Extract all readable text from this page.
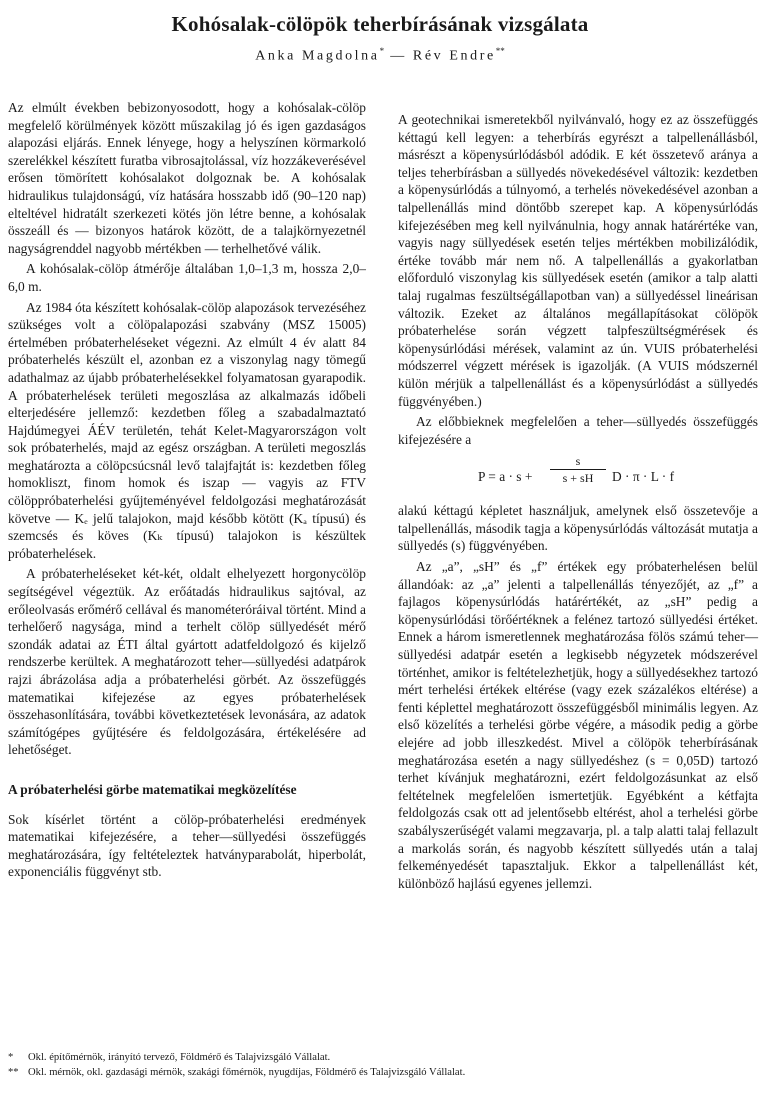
Kohósalak-cölöpök teherbírásának vizsgálata
Anka Magdolna* — Rév Endre**

Az elmúlt években bebizonyosodott, hogy a kohósalak-cölöp megfelelő körülmények között műszakilag jó és igen gazdaságos alapozási eljárás. Ennek lényege, hogy a helyszínen körmarkoló szerelékkel készített furatba vibrosajtolással, víz hozzákeverésével erősen tömörített kohósalakot dolgoznak be. A kohósalak hidraulikus tulajdonságú, víz hatására hosszabb idő (90–120 nap) elteltével hidratált szerkezeti kötés jön létre benne, a kohósalak összeáll és — bizonyos határok között, de a talajkörnyezetnél nagyságrenddel nagyobb mértékben — terhelhetővé válik.

A kohósalak-cölöp átmérője általában 1,0–1,3 m, hossza 2,0–6,0 m.

Az 1984 óta készített kohósalak-cölöp alapozások tervezéséhez szükséges volt a cölöpalapozási szabvány (MSZ 15005) értelmében próbaterheléseket végezni. Az elmúlt 4 év alatt 84 próbaterhelés készült el, azonban ez a viszonylag nagy tömegű adathalmaz az újabb próbaterhelésekkel folyamatosan gyarapodik. A próbaterhelések területi megoszlása az alkalmazás időbeli elterjedésére jellemző: kezdetben főleg a szabadalmaztató Hajdúmegyei ÁÉV területén, tehát Kelet-Magyarországon volt sok próbaterhelés, majd az egész országban. A területi megoszlás meghatározta a cölöpcsúcsnál levő talajfajtát is: kezdetben főleg homokliszt, finom homok és iszap — vagyis az FTV cölöppróbaterhelési gyűjteményével feldolgozási meghatározását követve — Kₑ jelű talajokon, majd később kötött (Kₐ típusú) és szemcsés és köves (Kₖ típusú) talajokon is készültek próbaterhelések.

A próbaterheléseket két-két, oldalt elhelyezett horgonycölöp segítségével végeztük. Az erőátadás hidraulikus sajtóval, az erőleolvasás erőmérő cellával és manométeróráival történt. Mind a terhelőerő nagysága, mind a terhelt cölöp süllyedését mérő szondák adatai az ÉTI által gyártott adatfeldolgozó és kijelző rendszerbe kerültek. A meghatározott teher—süllyedési adatpárok rajzi ábrázolása adja a próbaterhelési görbét. Az összefüggés matematikai kifejezése az egyes próbaterhelések összehasonlítására, további következtetések levonására, az adatok számítógépes gyűjtésére és feldolgozására, értékelésére ad lehetőséget.

A próbaterhelési görbe matematikai megközelítése

Sok kísérlet történt a cölöp-próbaterhelési eredmények matematikai kifejezésére, a teher—süllyedési összefüggés meghatározására, így feltételeztek hatványparabolát, hiperbolát, exponenciális függvényt stb.

A geotechnikai ismeretekből nyilvánvaló, hogy ez az összefüggés kéttagú kell legyen: a teherbírás egyrészt a talpellenállásból, másrészt a köpenysúrlódásból adódik. E két összetevő aránya a teljes teherbírásban a süllyedés növekedésével változik: kezdetben a köpenysúrlódás a túlnyomó, a terhelés növekedésével azonban a talpellenállás mind döntőbb szerepet kap. A köpenysúrlódás kifejezésében meg kell nyilvánulnia, hogy annak határértéke van, vagyis nagy süllyedések esetén teljes mértékben mobilizálódik, értéke tovább már nem nő. A talpellenállás a gyakorlatban előforduló viszonylag kis süllyedések esetén (amikor a talp alatti talaj rugalmas feszültségállapotban van) a süllyedéssel lineárisan változik. Ezeket az általános megállapításokat cölöpök próbaterhelése során végzett talpfeszültségmérések és köpenysúrlódási mérések, valamint az ún. VUIS próbaterhelési módszerrel végzett mérések is igazolják. (A VUIS módszernél külön mérjük a talpellenállást és a köpenysúrlódást a süllyedés függvényében.)

Az előbbieknek megfelelően a teher—süllyedés összefüggés kifejezésére a

P = a · s +
s
s + sH	D · π · L · f

alakú kéttagú képletet használjuk, amelynek első összetevője a talpellenállás, második tagja a köpenysúrlódás változását mutatja a süllyedés (s) függvényében.

Az „a”, „sH” és „f” értékek egy próbaterhelésen belül állandóak: az „a” jelenti a talpellenállás tényezőjét, az „f” a fajlagos köpenysúrlódás határértékét, az „sH” pedig a köpenysúrlódási törőértéknek a felénez tartozó süllyedési értéket. Ennek a három ismeretlennek meghatározása fölös számú teher—süllyedési adatpár esetén a legkisebb négyzetek módszerével történhet, amikor is feltételezhetjük, hogy a süllyedésekhez tartozó mért terhelési értékek eltérése (vagy ezek százalékos eltérése) a fenti képlettel meghatározott összefüggésből minimális legyen. Az első közelítés a terhelési görbe végére, a második pedig a görbe elejére ad jobb illeszkedést. Mivel a cölöpök teherbírásának meghatározása esetén a nagy süllyedéshez (s = 0,05D) tartozó terhet kívánjuk meghatározni, ezért feldolgozásunkat az első feltételnek megfelelően ismertetjük. Egyébként a kétfajta feldolgozás csak ott ad jelentősebb eltérést, ahol a terhelési görbe szabályszerűségét valami megzavarja, pl. a talp alatti talaj fellazult a markolás során, és nagyobb készített süllyedés után a talaj felkeményedését tapasztaljuk. Ekkor a talpellenállást két, különböző hajlású egyenes jellemzi.

* Okl. építőmérnök, irányító tervező, Földmérő és Talajvizsgáló Vállalat.
** Okl. mérnök, okl. gazdasági mérnök, szakági főmérnök, nyugdíjas, Földmérő és Talajvizsgáló Vállalat.
